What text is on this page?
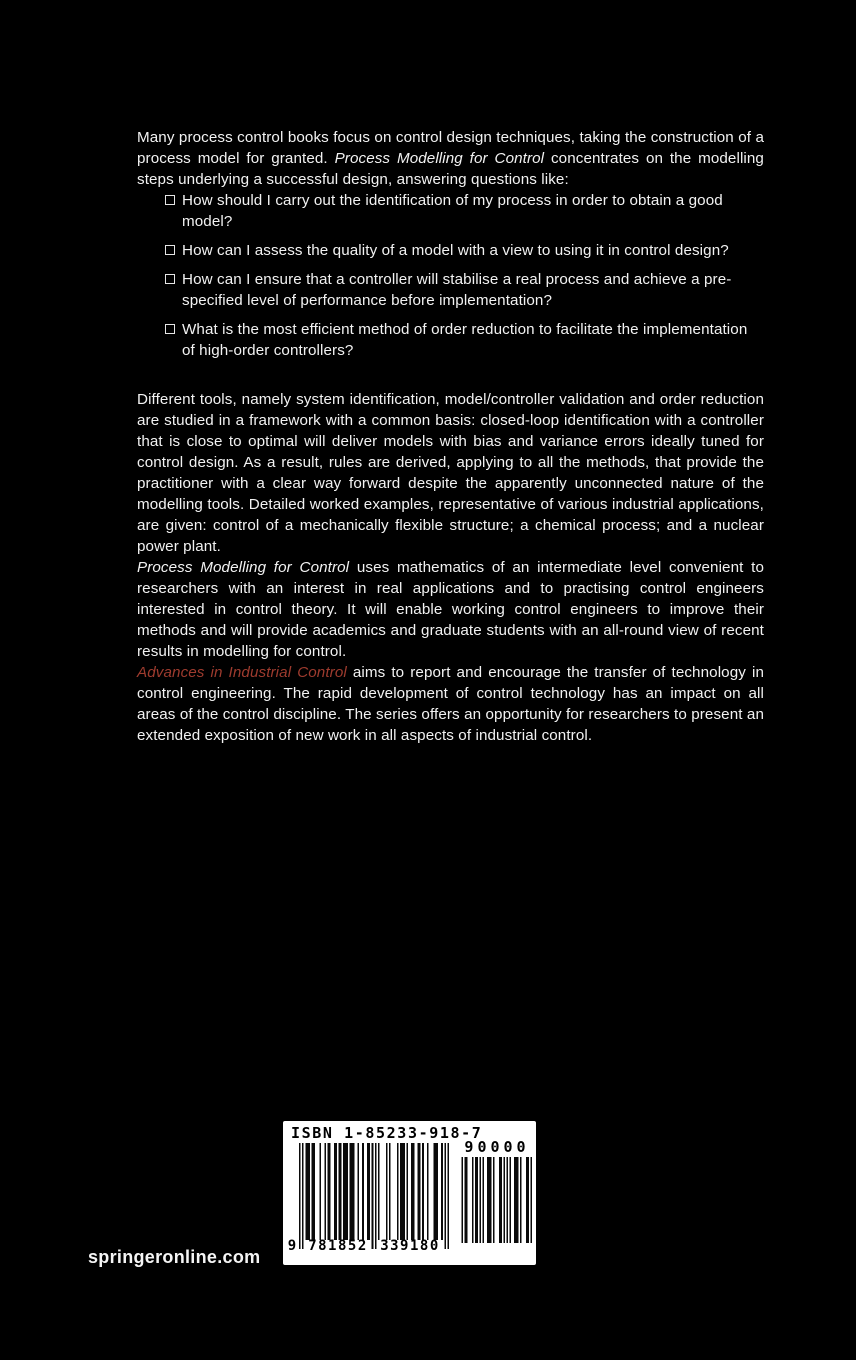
Many process control books focus on control design techniques, taking the construction of a process model for granted. Process Modelling for Control concentrates on the modelling steps underlying a successful design, answering questions like:

How should I carry out the identification of my process in order to obtain a good model?
How can I assess the quality of a model with a view to using it in control design?
How can I ensure that a controller will stabilise a real process and achieve a pre-specified level of performance before implementation?
What is the most efficient method of order reduction to facilitate the implementation of high-order controllers?

Different tools, namely system identification, model/controller validation and order reduction are studied in a framework with a common basis: closed-loop identification with a controller that is close to optimal will deliver models with bias and variance errors ideally tuned for control design. As a result, rules are derived, applying to all the methods, that provide the practitioner with a clear way forward despite the apparently unconnected nature of the modelling tools. Detailed worked examples, representative of various industrial applications, are given: control of a mechanically flexible structure; a chemical process; and a nuclear power plant.

Process Modelling for Control uses mathematics of an intermediate level convenient to researchers with an interest in real applications and to practising control engineers interested in control theory. It will enable working control engineers to improve their methods and will provide academics and graduate students with an all-round view of recent results in modelling for control.

Advances in Industrial Control aims to report and encourage the transfer of technology in control engineering. The rapid development of control technology has an impact on all areas of the control discipline. The series offers an opportunity for researchers to present an extended exposition of new work in all aspects of industrial control.

springeronline.com
ISBN 1-85233-918-7
90000
9 781852 339180
